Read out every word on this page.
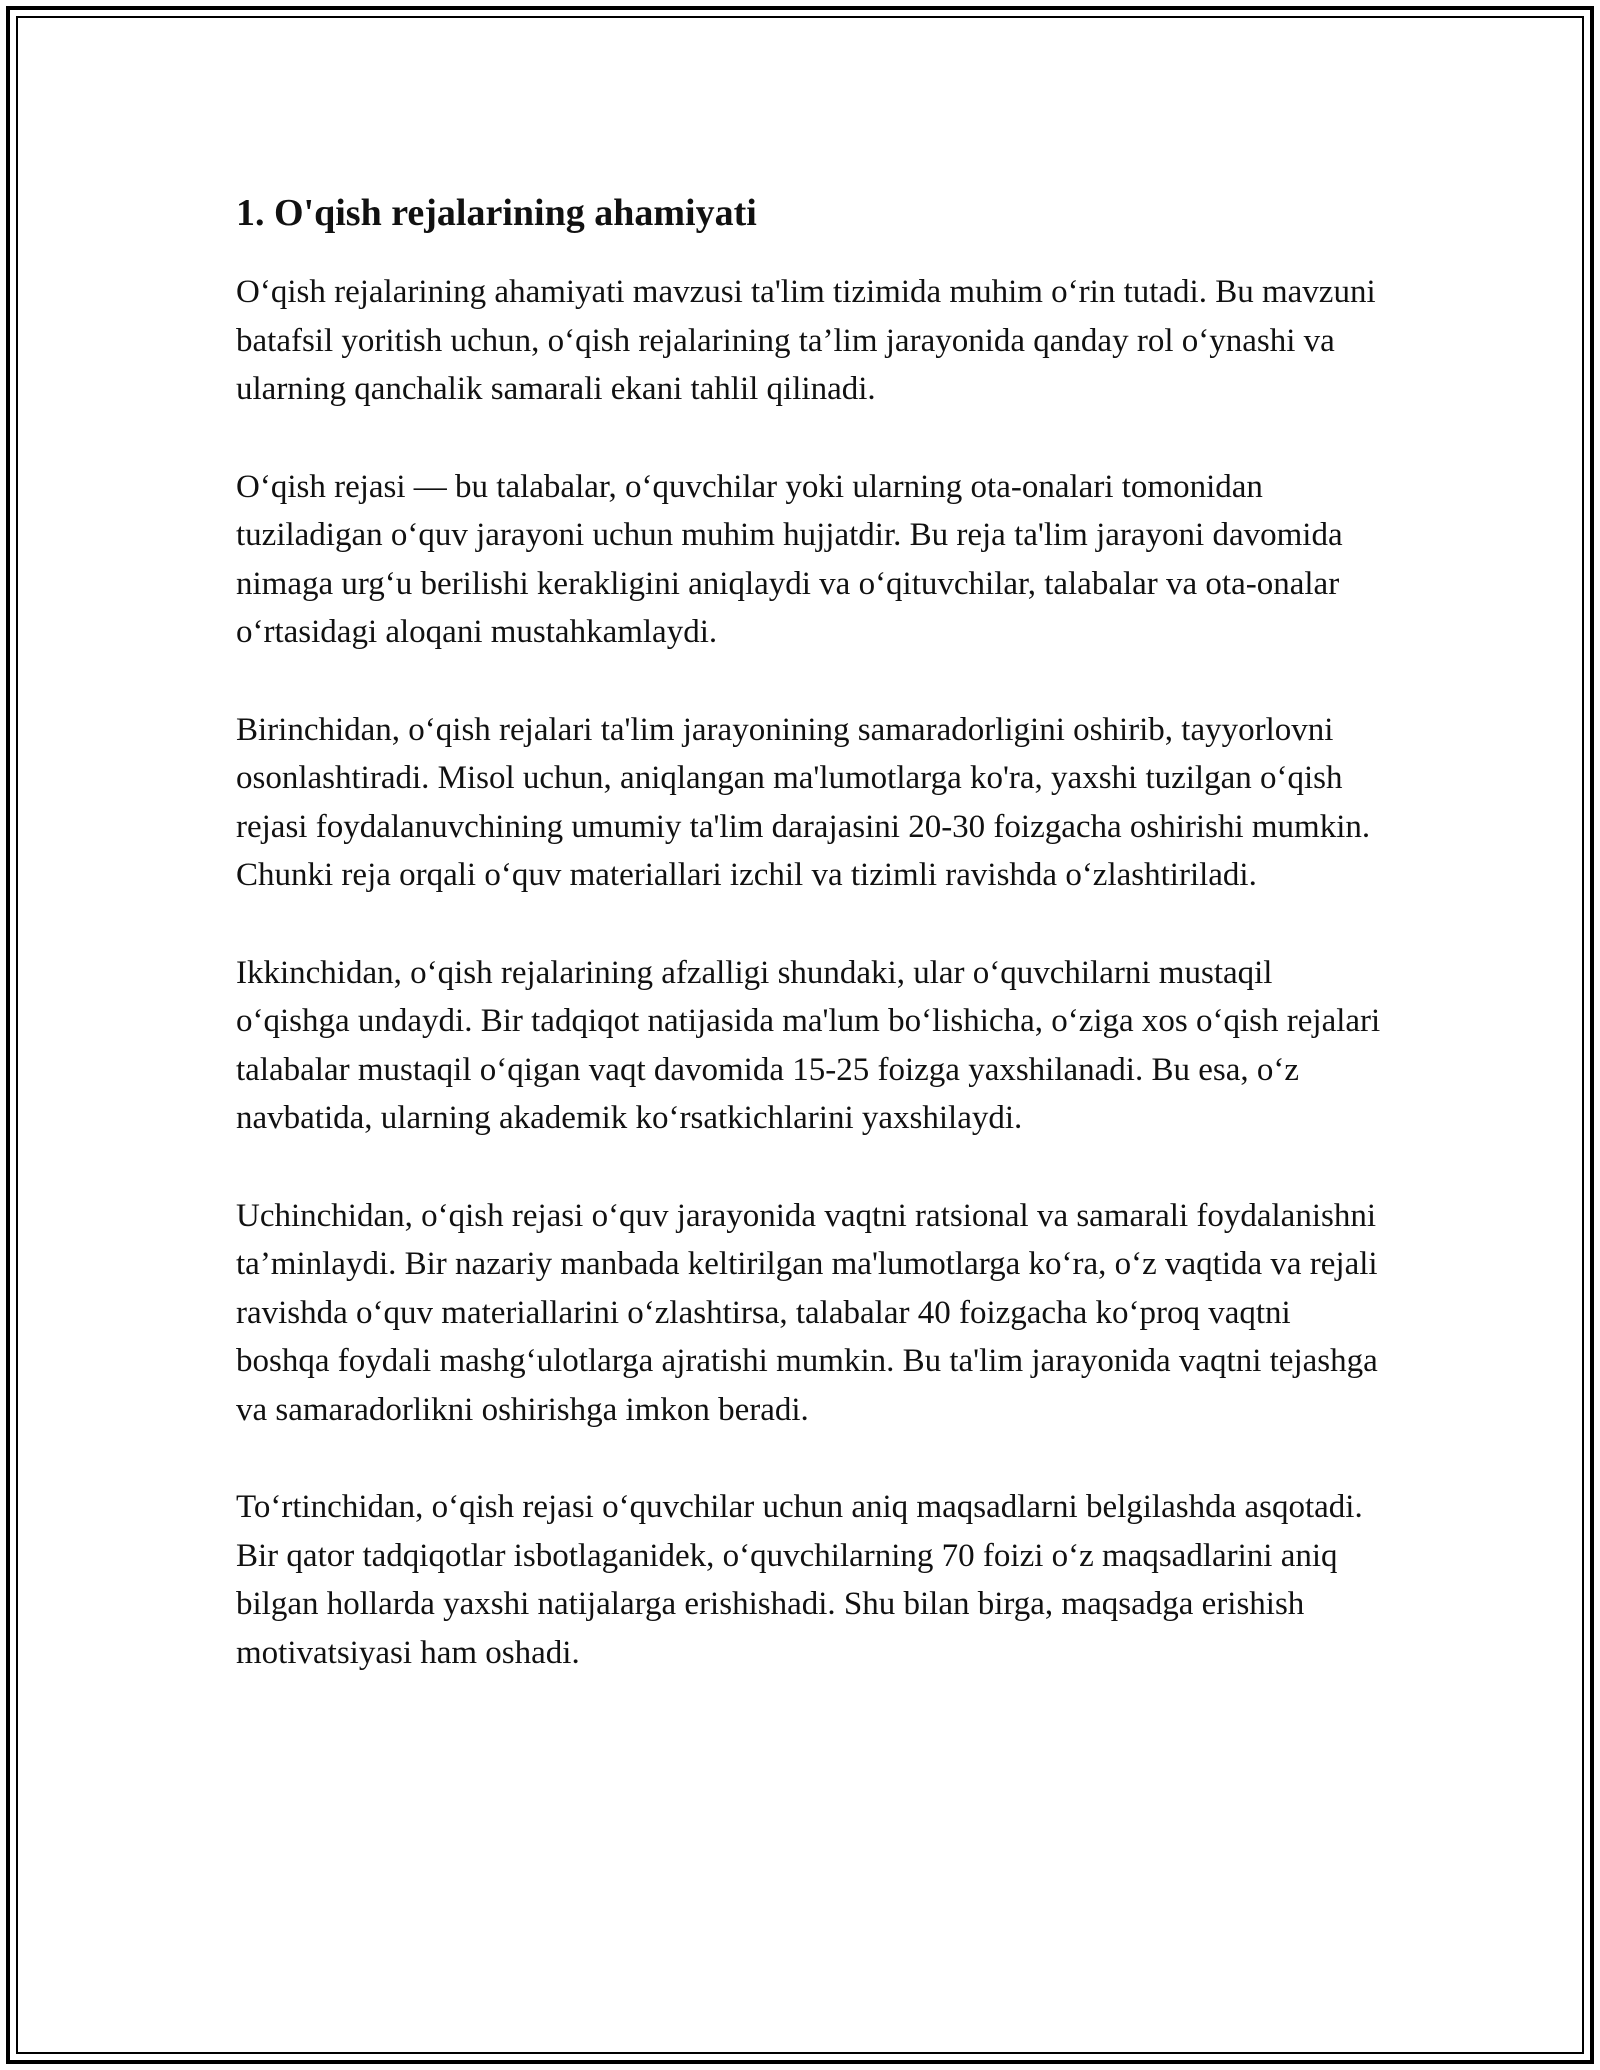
1. O'qish rejalarining ahamiyati

O‘qish rejalarining ahamiyati mavzusi ta'lim tizimida muhim o‘rin tutadi. Bu mavzuni batafsil yoritish uchun, o‘qish rejalarining ta’lim jarayonida qanday rol o‘ynashi va ularning qanchalik samarali ekani tahlil qilinadi.

O‘qish rejasi — bu talabalar, o‘quvchilar yoki ularning ota-onalari tomonidan tuziladigan o‘quv jarayoni uchun muhim hujjatdir. Bu reja ta'lim jarayoni davomida nimaga urg‘u berilishi kerakligini aniqlaydi va o‘qituvchilar, talabalar va ota-onalar o‘rtasidagi aloqani mustahkamlaydi.

Birinchidan, o‘qish rejalari ta'lim jarayonining samaradorligini oshirib, tayyorlovni osonlashtiradi. Misol uchun, aniqlangan ma'lumotlarga ko'ra, yaxshi tuzilgan o‘qish rejasi foydalanuvchining umumiy ta'lim darajasini 20-30 foizgacha oshirishi mumkin. Chunki reja orqali o‘quv materiallari izchil va tizimli ravishda o‘zlashtiriladi.

Ikkinchidan, o‘qish rejalarining afzalligi shundaki, ular o‘quvchilarni mustaqil o‘qishga undaydi. Bir tadqiqot natijasida ma'lum bo‘lishicha, o‘ziga xos o‘qish rejalari talabalar mustaqil o‘qigan vaqt davomida 15-25 foizga yaxshilanadi. Bu esa, o‘z navbatida, ularning akademik ko‘rsatkichlarini yaxshilaydi.

Uchinchidan, o‘qish rejasi o‘quv jarayonida vaqtni ratsional va samarali foydalanishni ta’minlaydi. Bir nazariy manbada keltirilgan ma'lumotlarga ko‘ra, o‘z vaqtida va rejali ravishda o‘quv materiallarini o‘zlashtirsa, talabalar 40 foizgacha ko‘proq vaqtni boshqa foydali mashg‘ulotlarga ajratishi mumkin. Bu ta'lim jarayonida vaqtni tejashga va samaradorlikni oshirishga imkon beradi.

To‘rtinchidan, o‘qish rejasi o‘quvchilar uchun aniq maqsadlarni belgilashda asqotadi. Bir qator tadqiqotlar isbotlaganidek, o‘quvchilarning 70 foizi o‘z maqsadlarini aniq bilgan hollarda yaxshi natijalarga erishishadi. Shu bilan birga, maqsadga erishish motivatsiyasi ham oshadi.
